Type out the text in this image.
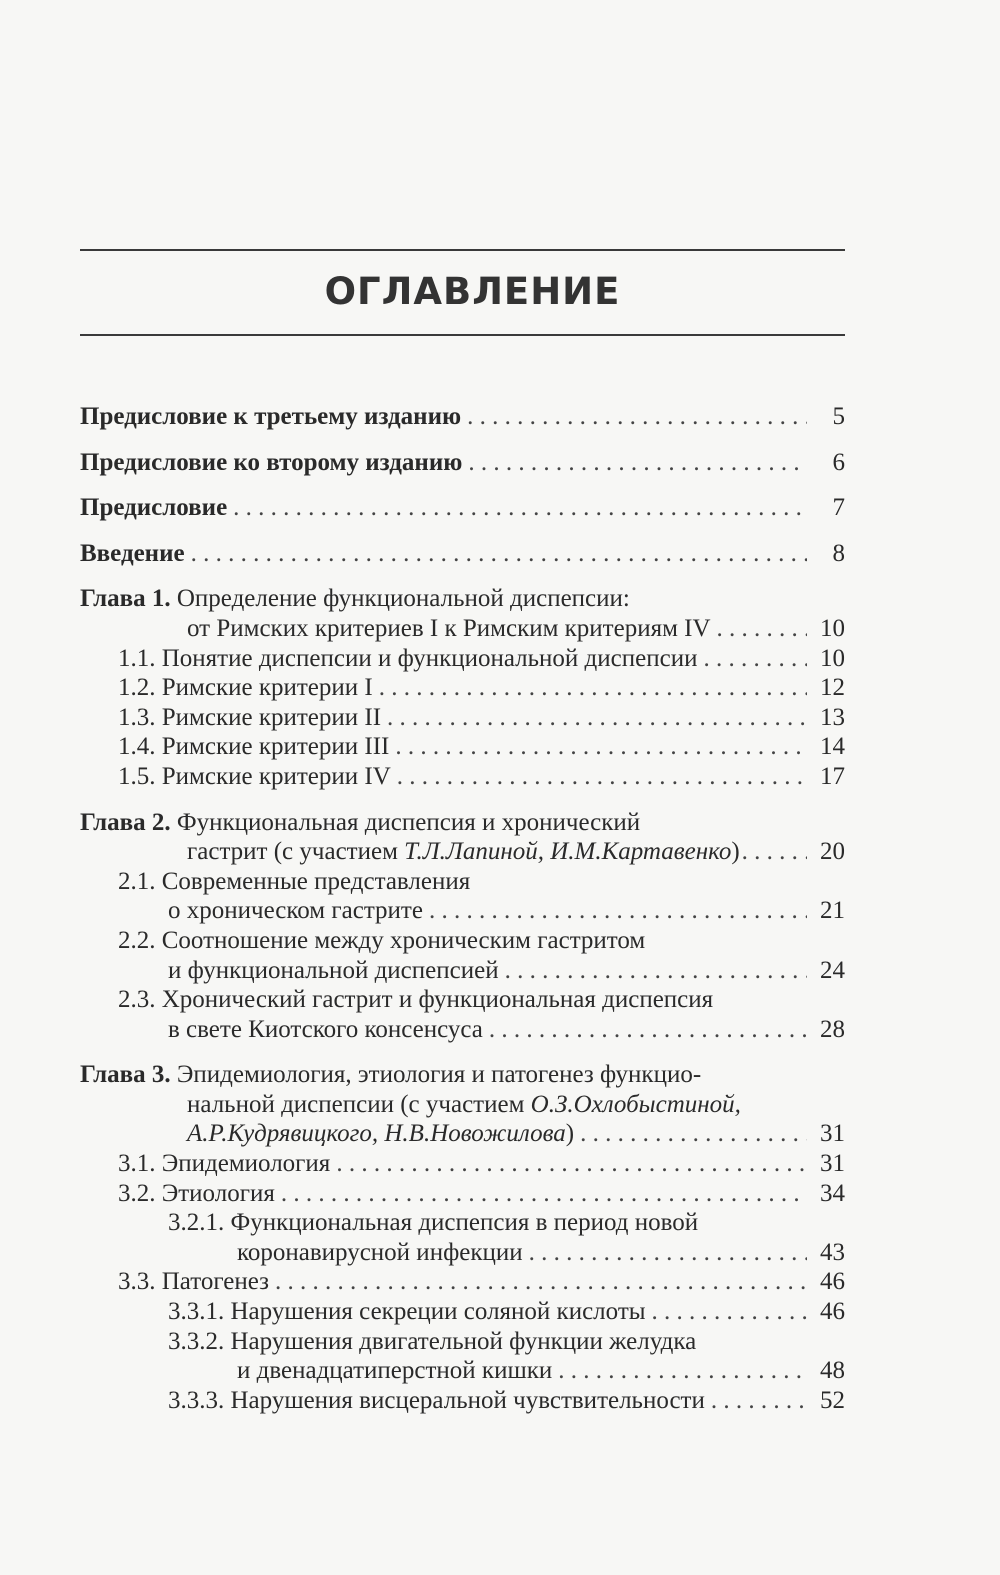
ОГЛАВЛЕНИЕ
Предисловие к третьему изданию . . .	5
Предисловие ко второму изданию . . .	6
Предисловие . . .	7
Введение . . .	8
Глава 1. Определение функциональной диспепсии:
от Римских критериев I к Римским критериям IV . . .	10
1.1. Понятие диспепсии и функциональной диспепсии . . .	10
1.2. Римские критерии I . . .	12
1.3. Римские критерии II . . .	13
1.4. Римские критерии III . . .	14
1.5. Римские критерии IV . . .	17
Глава 2. Функциональная диспепсия и хронический
гастрит (с участием Т.Л.Лапиной, И.М.Картавенко) . . .	20
2.1. Современные представления
о хроническом гастрите . . .	21
2.2. Соотношение между хроническим гастритом
и функциональной диспепсией . . .	24
2.3. Хронический гастрит и функциональная диспепсия
в свете Киотского консенсуса . . .	28
Глава 3. Эпидемиология, этиология и патогенез функцио-
нальной диспепсии (с участием О.З.Охлобыстиной,
А.Р.Кудрявицкого, Н.В.Новожилова) . . .	31
3.1. Эпидемиология . . .	31
3.2. Этиология . . .	34
3.2.1. Функциональная диспепсия в период новой
коронавирусной инфекции . . .	43
3.3. Патогенез . . .	46
3.3.1. Нарушения секреции соляной кислоты . . .	46
3.3.2. Нарушения двигательной функции желудка
и двенадцатиперстной кишки . . .	48
3.3.3. Нарушения висцеральной чувствительности . . .	52
